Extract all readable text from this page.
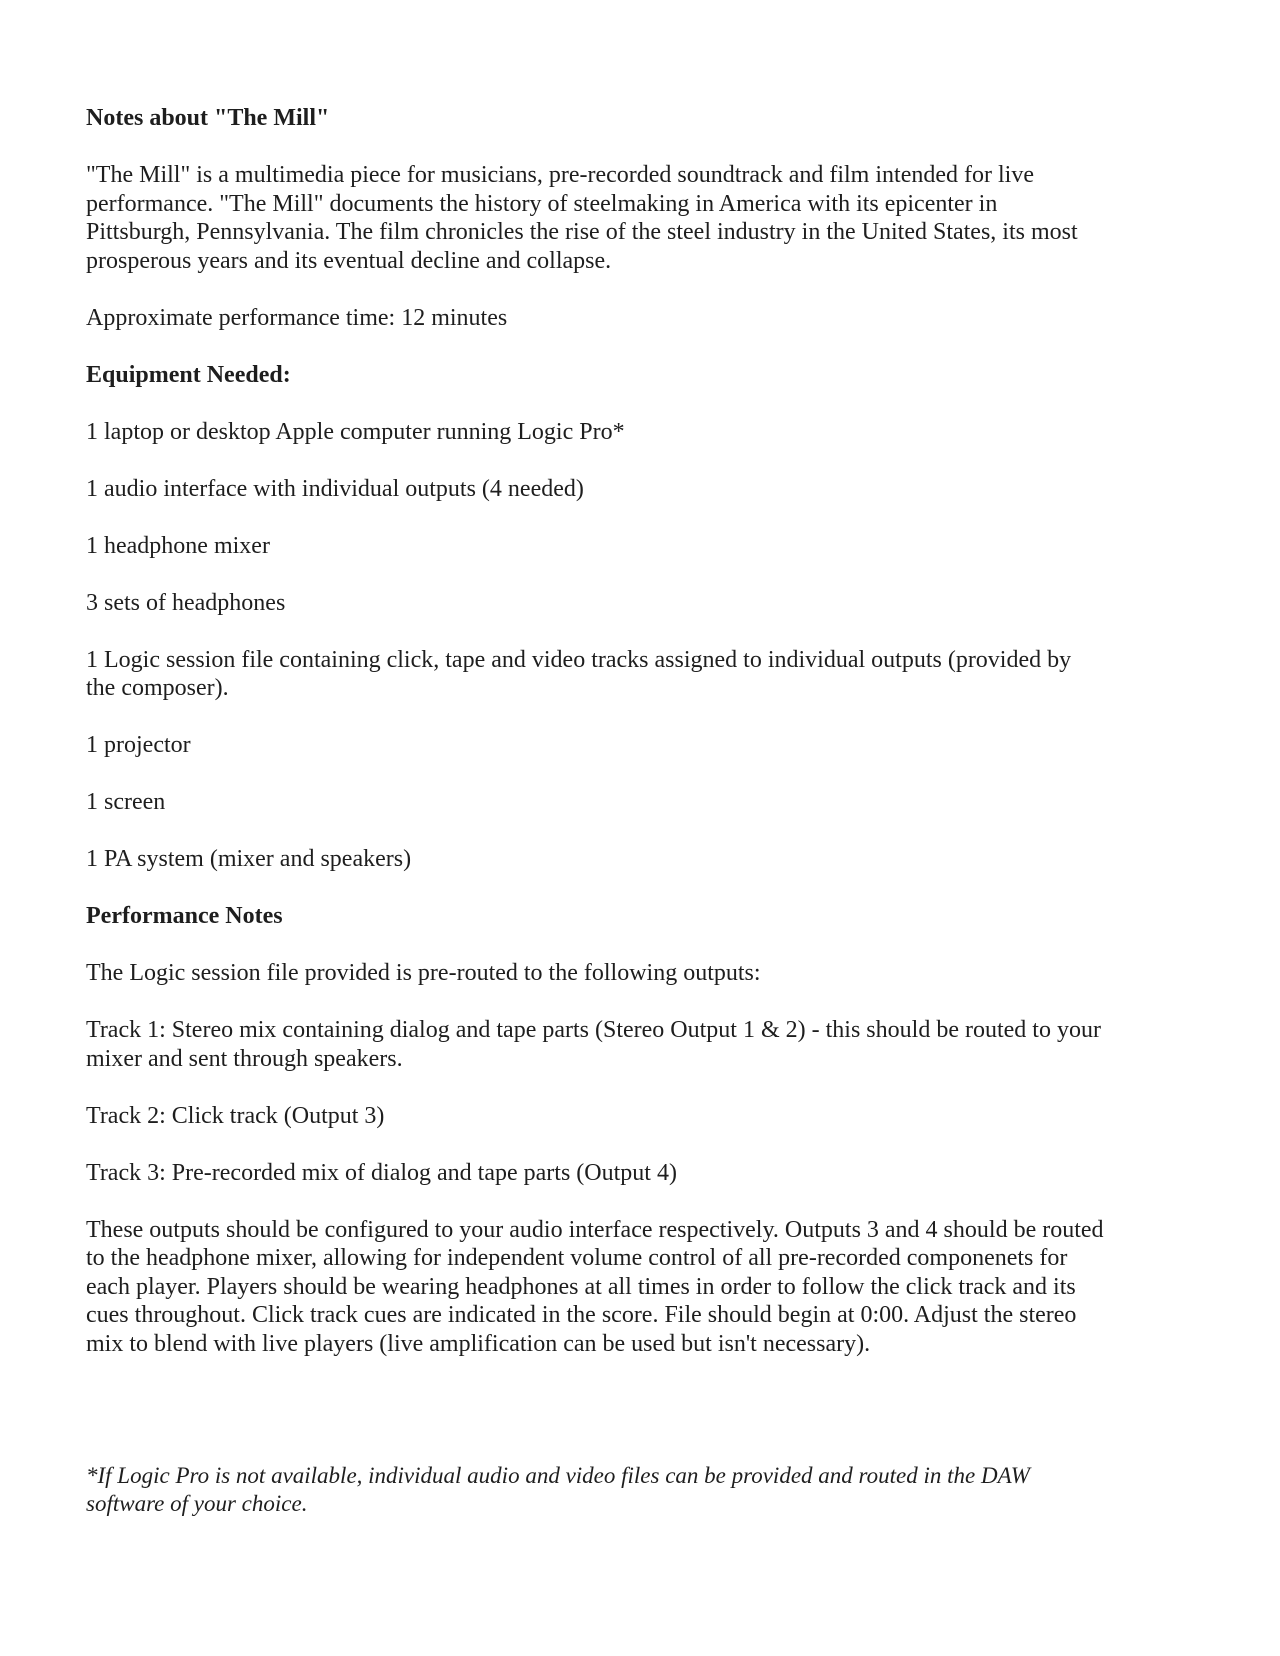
Notes about "The Mill"

"The Mill" is a multimedia piece for musicians, pre-recorded soundtrack and film intended for live performance. "The Mill" documents the history of steelmaking in America with its epicenter in Pittsburgh, Pennsylvania. The film chronicles the rise of the steel industry in the United States, its most prosperous years and its eventual decline and collapse.

Approximate performance time: 12 minutes

Equipment Needed:

1 laptop or desktop Apple computer running Logic Pro*

1 audio interface with individual outputs (4 needed)

1 headphone mixer

3 sets of headphones

1 Logic session file containing click, tape and video tracks assigned to individual outputs (provided by the composer).

1 projector

1 screen

1 PA system (mixer and speakers)

Performance Notes

The Logic session file provided is pre-routed to the following outputs:

Track 1: Stereo mix containing dialog and tape parts (Stereo Output 1 & 2) - this should be routed to your mixer and sent through speakers.

Track 2: Click track (Output 3)

Track 3: Pre-recorded mix of dialog and tape parts (Output 4)

These outputs should be configured to your audio interface respectively. Outputs 3 and 4 should be routed to the headphone mixer, allowing for independent volume control of all pre-recorded componenets for each player. Players should be wearing headphones at all times in order to follow the click track and its cues throughout. Click track cues are indicated in the score. File should begin at 0:00. Adjust the stereo mix to blend with live players (live amplification can be used but isn't necessary).

*If Logic Pro is not available, individual audio and video files can be provided and routed in the DAW software of your choice.
